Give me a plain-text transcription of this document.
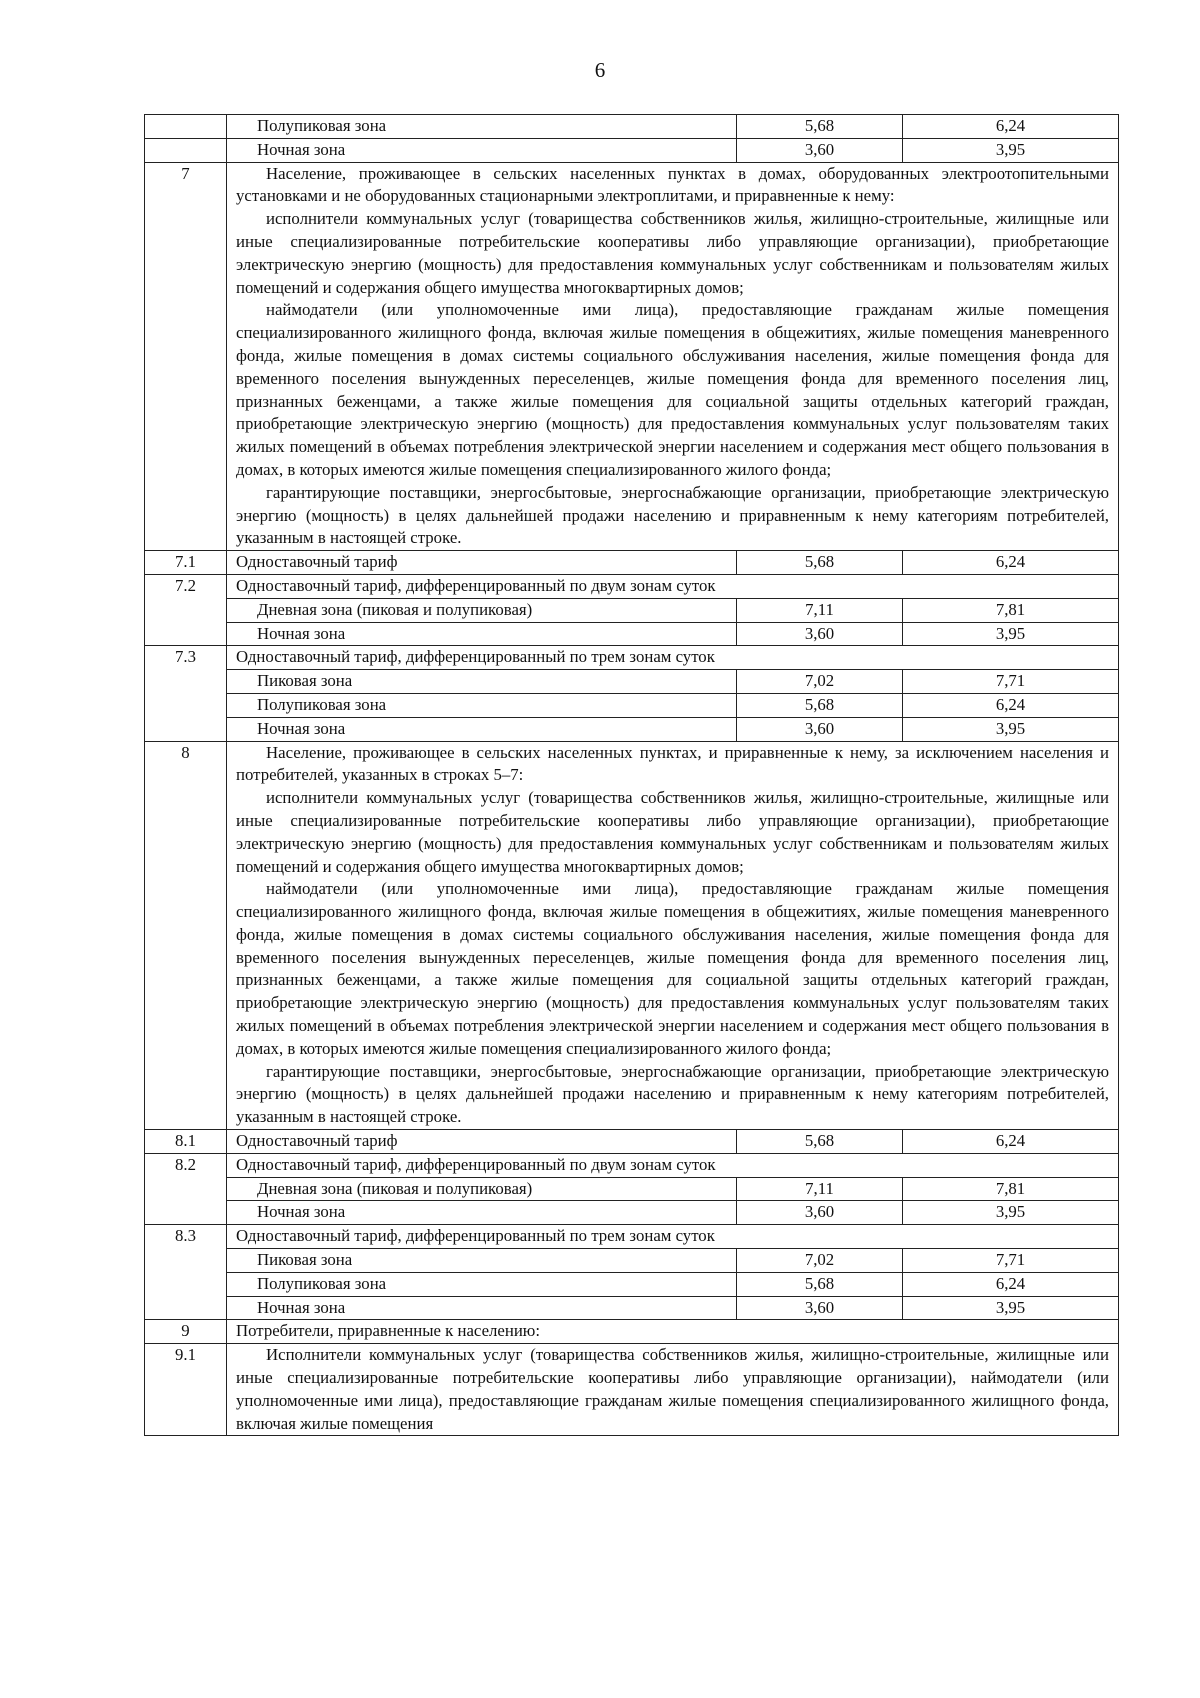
6
	Полупиковая зона	5,68	6,24
	Ночная зона	3,60	3,95
7	Население, проживающее в сельских населенных пунктах в домах, оборудованных электроотопительными установками и не оборудованных стационарными электроплитами, и приравненные к нему:

исполнители коммунальных услуг (товарищества собственников жилья, жилищно-строительные, жилищные или иные специализированные потребительские кооперативы либо управляющие организации), приобретающие электрическую энергию (мощность) для предоставления коммунальных услуг собственникам и пользователям жилых помещений и содержания общего имущества многоквартирных домов;

наймодатели (или уполномоченные ими лица), предоставляющие гражданам жилые помещения специализированного жилищного фонда, включая жилые помещения в общежитиях, жилые помещения маневренного фонда, жилые помещения в домах системы социального обслуживания населения, жилые помещения фонда для временного поселения вынужденных переселенцев, жилые помещения фонда для временного поселения лиц, признанных беженцами, а также жилые помещения для социальной защиты отдельных категорий граждан, приобретающие электрическую энергию (мощность) для предоставления коммунальных услуг пользователям таких жилых помещений в объемах потребления электрической энергии населением и содержания мест общего пользования в домах, в которых имеются жилые помещения специализированного жилого фонда;

гарантирующие поставщики, энергосбытовые, энергоснабжающие организации, приобретающие электрическую энергию (мощность) в целях дальнейшей продажи населению и приравненным к нему категориям потребителей, указанным в настоящей строке.		

7.1	Одноставочный тариф	5,68	6,24
7.2	Одноставочный тариф, дифференцированный по двум зонам суток		
	Дневная зона (пиковая и полупиковая)	7,11	7,81
	Ночная зона	3,60	3,95
7.3	Одноставочный тариф, дифференцированный по трем зонам суток		
	Пиковая зона	7,02	7,71
	Полупиковая зона	5,68	6,24
	Ночная зона	3,60	3,95
8	Население, проживающее в сельских населенных пунктах, и приравненные к нему, за исключением населения и потребителей, указанных в строках 5–7:

исполнители коммунальных услуг (товарищества собственников жилья, жилищно-строительные, жилищные или иные специализированные потребительские кооперативы либо управляющие организации), приобретающие электрическую энергию (мощность) для предоставления коммунальных услуг собственникам и пользователям жилых помещений и содержания общего имущества многоквартирных домов;

наймодатели (или уполномоченные ими лица), предоставляющие гражданам жилые помещения специализированного жилищного фонда, включая жилые помещения в общежитиях, жилые помещения маневренного фонда, жилые помещения в домах системы социального обслуживания населения, жилые помещения фонда для временного поселения вынужденных переселенцев, жилые помещения фонда для временного поселения лиц, признанных беженцами, а также жилые помещения для социальной защиты отдельных категорий граждан, приобретающие электрическую энергию (мощность) для предоставления коммунальных услуг пользователям таких жилых помещений в объемах потребления электрической энергии населением и содержания мест общего пользования в домах, в которых имеются жилые помещения специализированного жилого фонда;

гарантирующие поставщики, энергосбытовые, энергоснабжающие организации, приобретающие электрическую энергию (мощность) в целях дальнейшей продажи населению и приравненным к нему категориям потребителей, указанным в настоящей строке.		

8.1	Одноставочный тариф	5,68	6,24
8.2	Одноставочный тариф, дифференцированный по двум зонам суток		
	Дневная зона (пиковая и полупиковая)	7,11	7,81
	Ночная зона	3,60	3,95
8.3	Одноставочный тариф, дифференцированный по трем зонам суток		
	Пиковая зона	7,02	7,71
	Полупиковая зона	5,68	6,24
	Ночная зона	3,60	3,95
9	Потребители, приравненные к населению:		
9.1	Исполнители коммунальных услуг (товарищества собственников жилья, жилищно-строительные, жилищные или иные специализированные потребительские кооперативы либо управляющие организации), наймодатели (или уполномоченные ими лица), предоставляющие гражданам жилые помещения специализированного жилищного фонда, включая жилые помещения		
